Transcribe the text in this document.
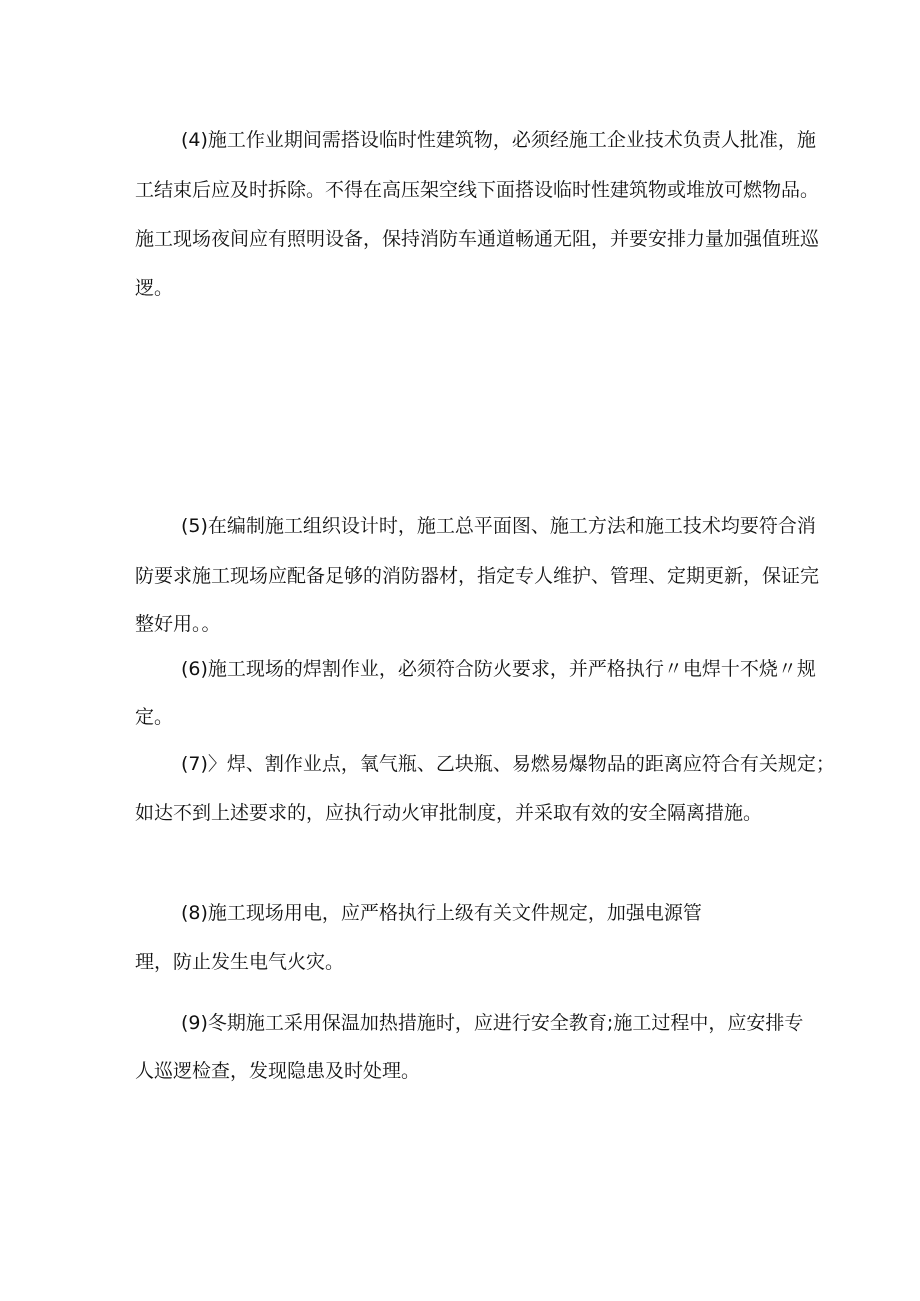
(4)施工作业期间需搭设临时性建筑物，必须经施工企业技术负责人批准，施
工结束后应及时拆除。不得在高压架空线下面搭设临时性建筑物或堆放可燃物品。
施工现场夜间应有照明设备，保持消防车通道畅通无阻，并要安排力量加强值班巡
逻。
(5)在编制施工组织设计时，施工总平面图、施工方法和施工技术均要符合消
防要求施工现场应配备足够的消防器材，指定专人维护、管理、定期更新，保证完
整好用。。
(6)施工现场的焊割作业，必须符合防火要求，并严格执行〃电焊十不烧〃规
定。
(7)〉焊、割作业点，氧气瓶、乙块瓶、易燃易爆物品的距离应符合有关规定；
如达不到上述要求的，应执行动火审批制度，并采取有效的安全隔离措施。
(8)施工现场用电，应严格执行上级有关文件规定，加强电源管
理，防止发生电气火灾。
(9)冬期施工采用保温加热措施时，应进行安全教育;施工过程中，应安排专
人巡逻检查，发现隐患及时处理。
